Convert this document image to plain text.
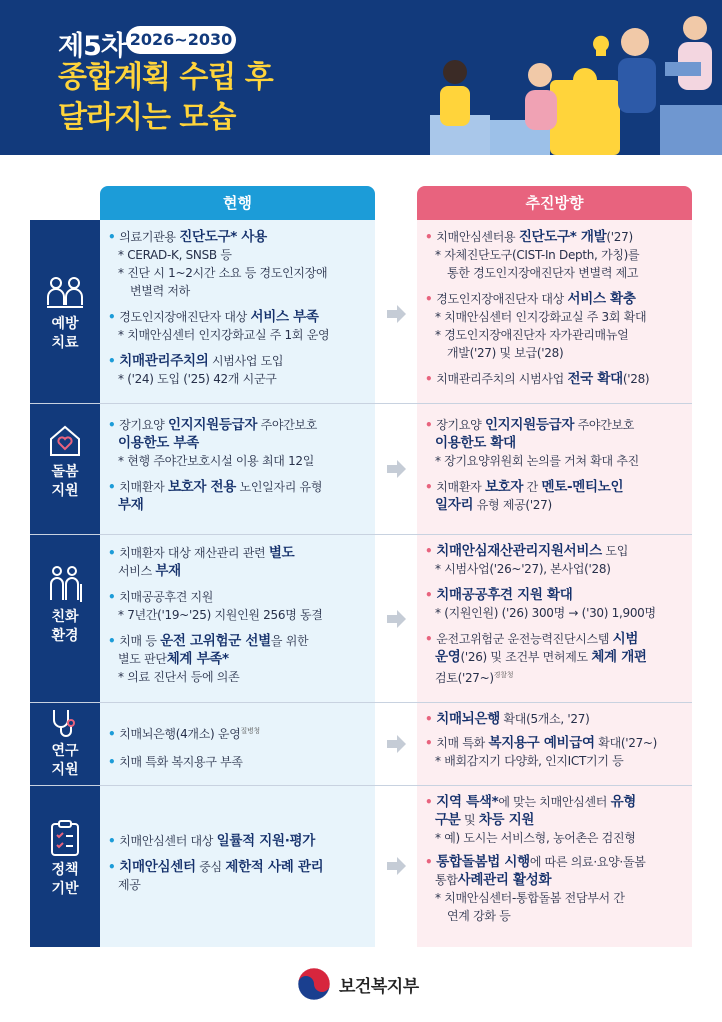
제5차 2026~2030
종합계획 수립 후
달라지는 모습
현행	추진방향
예방
치료
돌봄
지원
친화
환경
연구
지원
정책
기반
• 의료기관용 진단도구* 사용
* CERAD-K, SNSB 등
* 진단 시 1~2시간 소요 등 경도인지장애
변별력 저하
• 경도인지장애진단자 대상 서비스 부족
* 치매안심센터 인지강화교실 주 1회 운영
• 치매관리주치의 시범사업 도입
* ('24) 도입 ('25) 42개 시군구
• 장기요양 인지지원등급자 주야간보호
이용한도 부족
* 현행 주야간보호시설 이용 최대 12일
• 치매환자 보호자 전용 노인일자리 유형
부재
• 치매환자 대상 재산관리 관련 별도
서비스 부재
• 치매공공후견 지원
* 7년간('19~'25) 지원인원 256명 동결
• 치매 등 운전 고위험군 선별을 위한
별도 판단체계 부족*
* 의료 진단서 등에 의존
• 치매뇌은행(4개소) 운영$^{질병청}$
• 치매 특화 복지용구 부족
• 치매안심센터 대상 일률적 지원·평가
• 치매안심센터 중심 제한적 사례 관리
제공
• 치매안심센터용 진단도구* 개발('27)
* 자체진단도구(CIST-In Depth, 가칭)를
통한 경도인지장애진단자 변별력 제고
• 경도인지장애진단자 대상 서비스 확충
* 치매안심센터 인지강화교실 주 3회 확대
* 경도인지장애진단자 자가관리매뉴얼
개발('27) 및 보급('28)
• 치매관리주치의 시범사업 전국 확대('28)
• 장기요양 인지지원등급자 주야간보호
이용한도 확대
* 장기요양위원회 논의를 거쳐 확대 추진
• 치매환자 보호자 간 멘토-멘티노인
일자리 유형 제공('27)
• 치매안심재산관리지원서비스 도입
* 시범사업('26~'27), 본사업('28)
• 치매공공후견 지원 확대
* (지원인원) ('26) 300명 → ('30) 1,900명
• 운전고위험군 운전능력진단시스템 시범
운영('26) 및 조건부 면허제도 체계 개편
검토('27~)$^{경찰청}$
• 치매뇌은행 확대(5개소, '27)
• 치매 특화 복지용구 예비급여 확대('27~)
* 배회감지기 다양화, 인지ICT기기 등
• 지역 특색*에 맞는 치매안심센터 유형
구분 및 차등 지원
* 예) 도시는 서비스형, 농어촌은 검진형
• 통합돌봄법 시행에 따른 의료·요양·돌봄
통합사례관리 활성화
* 치매안심센터-통합돌봄 전담부서 간
연계 강화 등
보건복지부
